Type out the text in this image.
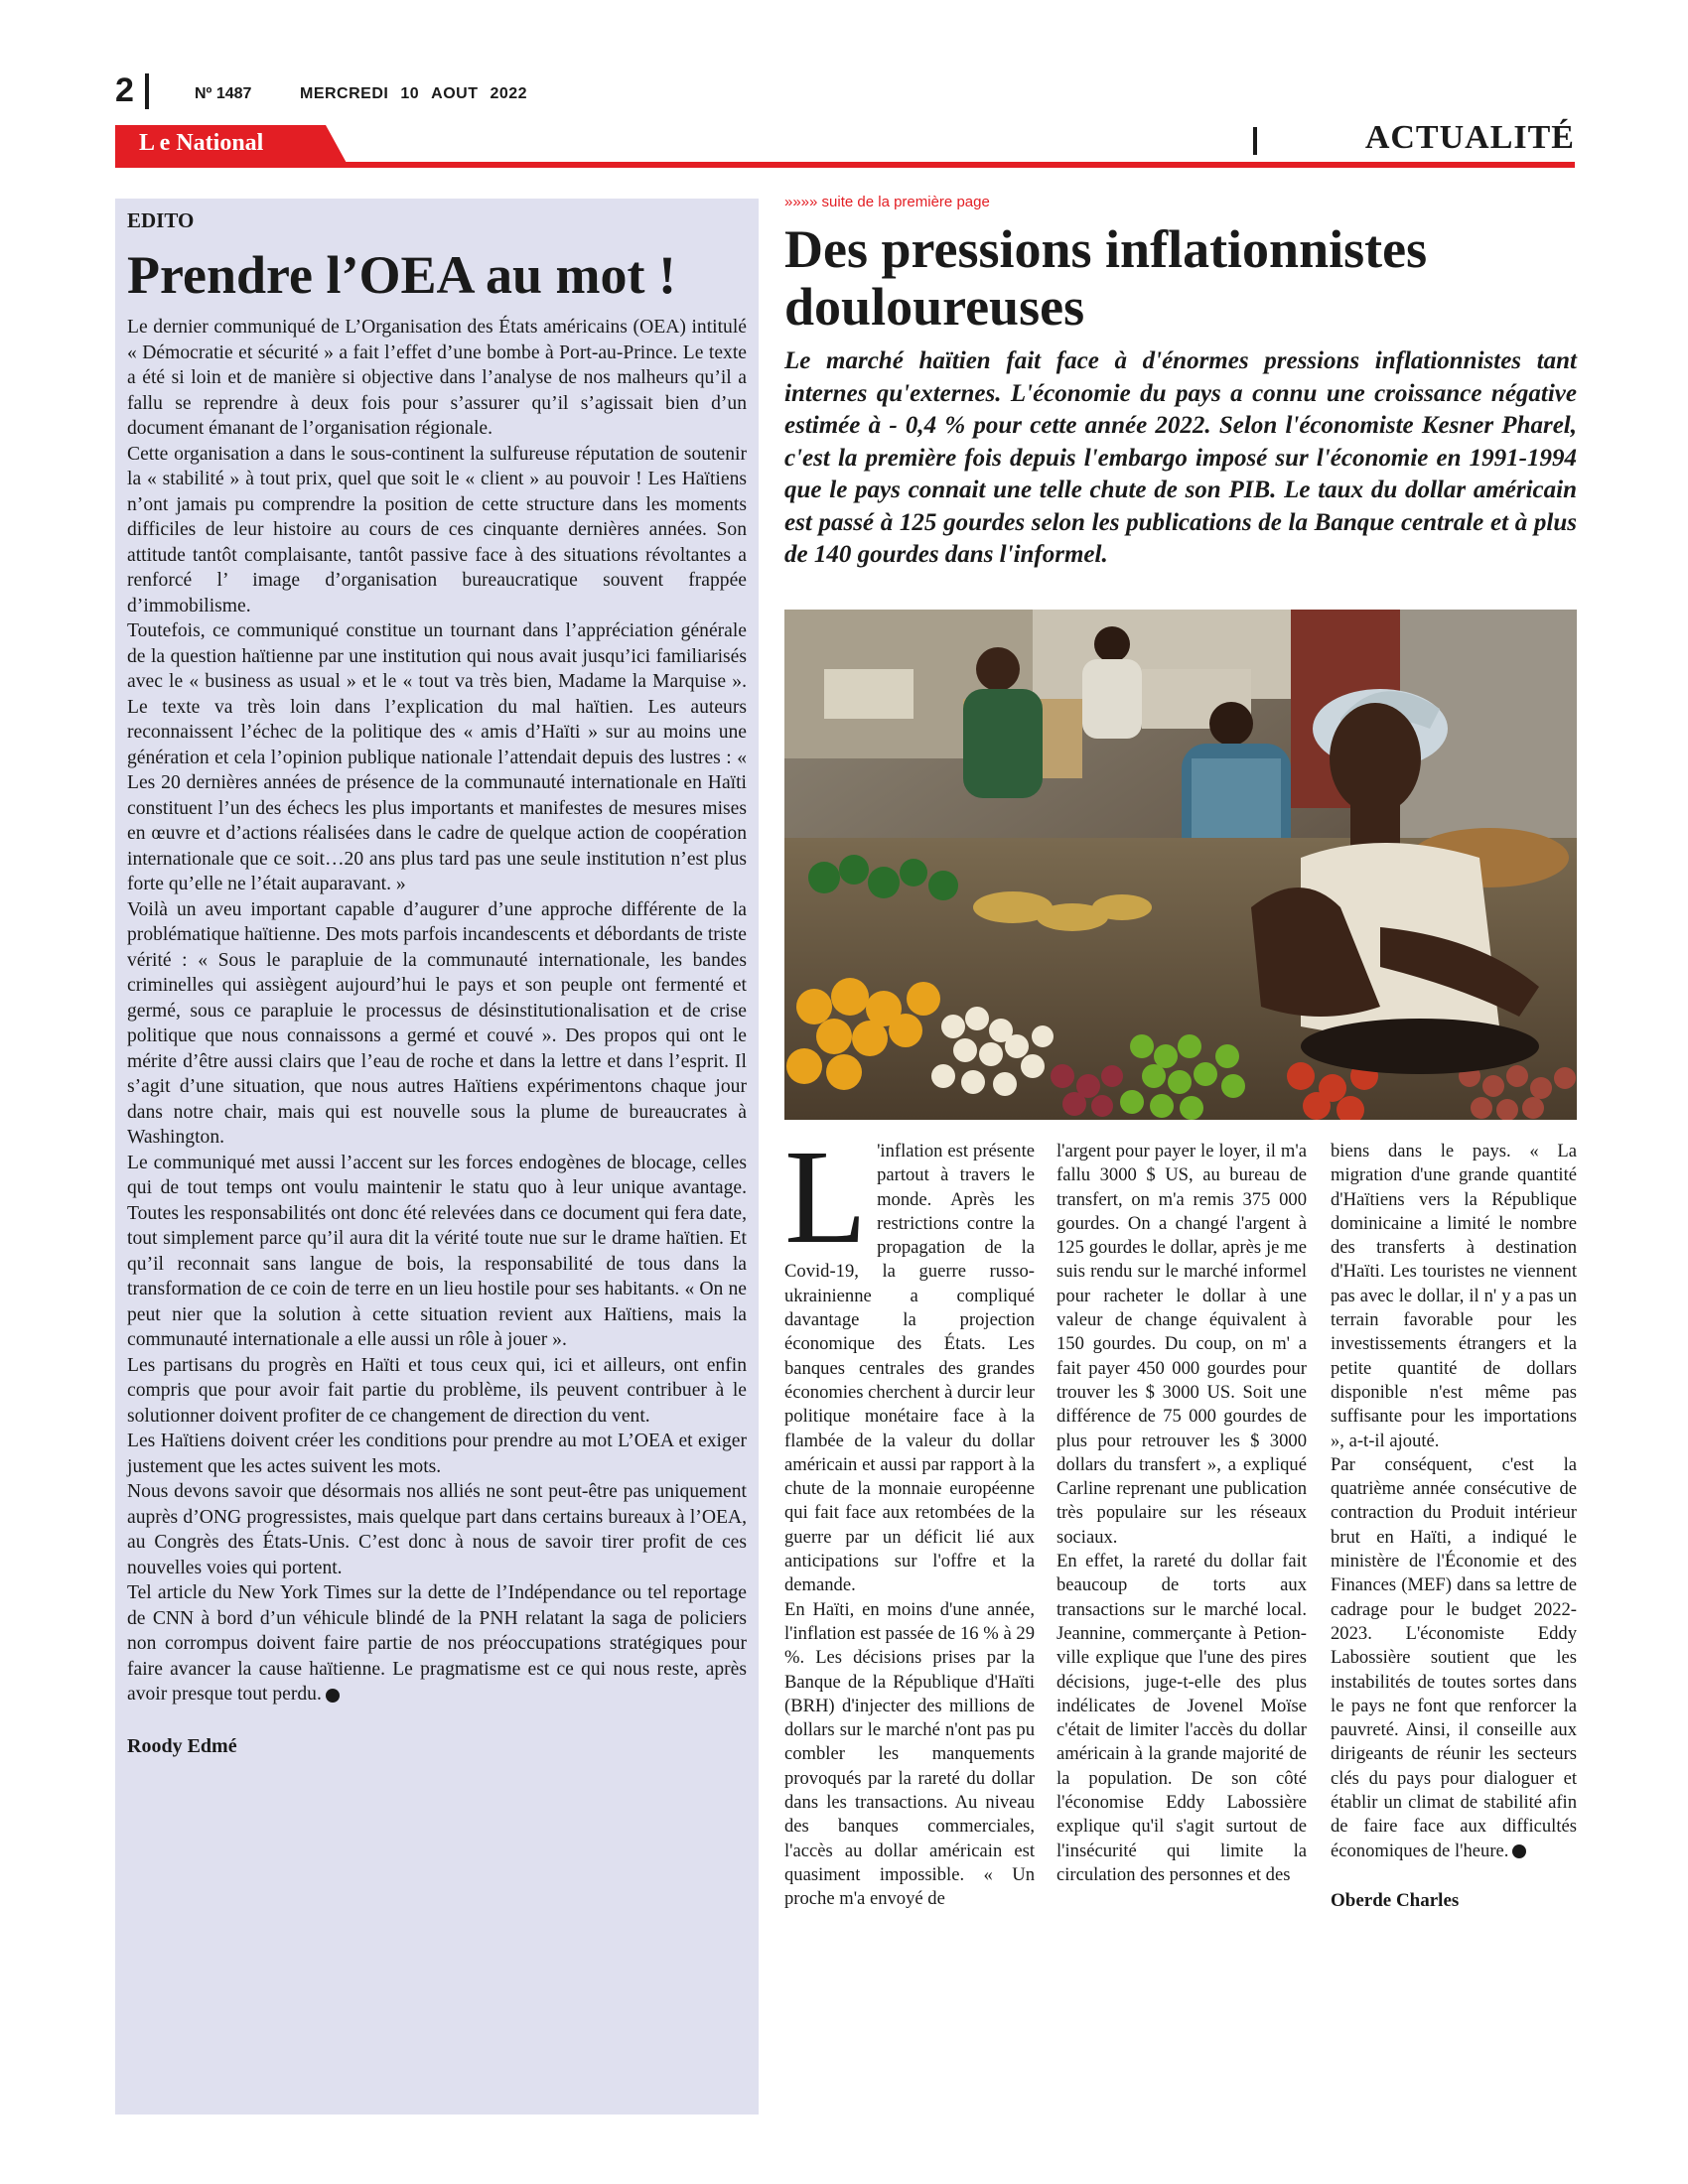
2	Nº 1487	MERCREDI 10 AOUT 2022
L e National	ACTUALITÉ
EDITO
Prendre l’OEA au mot !

Le dernier communiqué de L’Organisation des États américains (OEA) intitulé « Démocratie et sécurité » a fait l’effet d’une bombe à Port-au-Prince. Le texte a été si loin et de manière si objective dans l’analyse de nos malheurs qu’il a fallu se reprendre à deux fois pour s’assurer qu’il s’agissait bien d’un document émanant de l’organisation régionale.

Cette organisation a dans le sous-continent la sulfureuse réputation de soutenir la « stabilité » à tout prix, quel que soit le « client » au pouvoir ! Les Haïtiens n’ont jamais pu comprendre la position de cette structure dans les moments difficiles de leur histoire au cours de ces cinquante dernières années. Son attitude tantôt complaisante, tantôt passive face à des situations révoltantes a renforcé l’ image d’organisation bureaucratique souvent frappée d’immobilisme.

Toutefois, ce communiqué constitue un tournant dans l’appréciation générale de la question haïtienne par une institution qui nous avait jusqu’ici familiarisés avec le « business as usual » et le « tout va très bien, Madame la Marquise ». Le texte va très loin dans l’explication du mal haïtien. Les auteurs reconnaissent l’échec de la politique des « amis d’Haïti » sur au moins une génération et cela l’opinion publique nationale l’attendait depuis des lustres : « Les 20 dernières années de présence de la communauté internationale en Haïti constituent l’un des échecs les plus importants et manifestes de mesures mises en œuvre et d’actions réalisées dans le cadre de quelque action de coopération internationale que ce soit…20 ans plus tard pas une seule institution n’est plus forte qu’elle ne l’était auparavant. »

Voilà un aveu important capable d’augurer d’une approche différente de la problématique haïtienne. Des mots parfois incandescents et débordants de triste vérité : « Sous le parapluie de la communauté internationale, les bandes criminelles qui assiègent aujourd’hui le pays et son peuple ont fermenté et germé, sous ce parapluie le processus de désinstitutionalisation et de crise politique que nous connaissons a germé et couvé ». Des propos qui ont le mérite d’être aussi clairs que l’eau de roche et dans la lettre et dans l’esprit. Il s’agit d’une situation, que nous autres Haïtiens expérimentons chaque jour dans notre chair, mais qui est nouvelle sous la plume de bureaucrates à Washington.

Le communiqué met aussi l’accent sur les forces endogènes de blocage, celles qui de tout temps ont voulu maintenir le statu quo à leur unique avantage. Toutes les responsabilités ont donc été relevées dans ce document qui fera date, tout simplement parce qu’il aura dit la vérité toute nue sur le drame haïtien. Et qu’il reconnait sans langue de bois, la responsabilité de tous dans la transformation de ce coin de terre en un lieu hostile pour ses habitants. « On ne peut nier que la solution à cette situation revient aux Haïtiens, mais la communauté internationale a elle aussi un rôle à jouer ».

Les partisans du progrès en Haïti et tous ceux qui, ici et ailleurs, ont enfin compris que pour avoir fait partie du problème, ils peuvent contribuer à le solutionner doivent profiter de ce changement de direction du vent.

Les Haïtiens doivent créer les conditions pour prendre au mot L’OEA et exiger justement que les actes suivent les mots.

Nous devons savoir que désormais nos alliés ne sont peut-être pas uniquement auprès d’ONG progressistes, mais quelque part dans certains bureaux à l’OEA, au Congrès des États-Unis. C’est donc à nous de savoir tirer profit de ces nouvelles voies qui portent.

Tel article du New York Times sur la dette de l’Indépendance ou tel reportage de CNN à bord d’un véhicule blindé de la PNH relatant la saga de policiers non corrompus doivent faire partie de nos préoccupations stratégiques pour faire avancer la cause haïtienne. Le pragmatisme est ce qui nous reste, après avoir presque tout perdu.

Roody Edmé
»»»» suite de la première page
Des pressions inflationnistes douloureuses
Le marché haïtien fait face à d'énormes pressions inflationnistes tant internes qu'externes. L'économie du pays a connu une croissance négative estimée à - 0,4 % pour cette année 2022. Selon l'économiste Kesner Pharel, c'est la première fois depuis l'embargo imposé sur l'économie en 1991-1994 que le pays connait une telle chute de son PIB. Le taux du dollar américain est passé à 125 gourdes selon les publications de la Banque centrale et à plus de 140 gourdes dans l'informel.
L 'inflation est présente partout à travers le monde. Après les restrictions contre la propagation de la Covid-19, la guerre russo-ukrainienne a compliqué davantage la projection économique des États. Les banques centrales des grandes économies cherchent à durcir leur politique monétaire face à la flambée de la valeur du dollar américain et aussi par rapport à la chute de la monnaie européenne qui fait face aux retombées de la guerre par un déficit lié aux anticipations sur l'offre et la demande.

En Haïti, en moins d'une année, l'inflation est passée de 16 % à 29 %. Les décisions prises par la Banque de la République d'Haïti (BRH) d'injecter des millions de dollars sur le marché n'ont pas pu combler les manquements provoqués par la rareté du dollar dans les transactions. Au niveau des banques commerciales, l'accès au dollar américain est quasiment impossible. « Un proche m'a envoyé de

l'argent pour payer le loyer, il m'a fallu 3000 $ US, au bureau de transfert, on m'a remis 375 000 gourdes. On a changé l'argent à 125 gourdes le dollar, après je me suis rendu sur le marché informel pour racheter le dollar à une valeur de change équivalent à 150 gourdes. Du coup, on m' a fait payer 450 000 gourdes pour trouver les $ 3000 US. Soit une différence de 75 000 gourdes de plus pour retrouver les $ 3000 dollars du transfert », a expliqué Carline reprenant une publication très populaire sur les réseaux sociaux.

En effet, la rareté du dollar fait beaucoup de torts aux transactions sur le marché local. Jeannine, commerçante à Petion-ville explique que l'une des pires décisions, juge-t-elle des plus indélicates de Jovenel Moïse c'était de limiter l'accès du dollar américain à la grande majorité de la population. De son côté l'économise Eddy Labossière explique qu'il s'agit surtout de l'insécurité qui limite la circulation des personnes et des

biens dans le pays. « La migration d'une grande quantité d'Haïtiens vers la République dominicaine a limité le nombre des transferts à destination d'Haïti. Les touristes ne viennent pas avec le dollar, il n' y a pas un terrain favorable pour les investissements étrangers et la petite quantité de dollars disponible n'est même pas suffisante pour les importations », a-t-il ajouté.

Par conséquent, c'est la quatrième année consécutive de contraction du Produit intérieur brut en Haïti, a indiqué le ministère de l'Économie et des Finances (MEF) dans sa lettre de cadrage pour le budget 2022-2023. L'économiste Eddy Labossière soutient que les instabilités de toutes sortes dans le pays ne font que renforcer la pauvreté. Ainsi, il conseille aux dirigeants de réunir les secteurs clés du pays pour dialoguer et établir un climat de stabilité afin de faire face aux difficultés économiques de l'heure.

Oberde Charles
